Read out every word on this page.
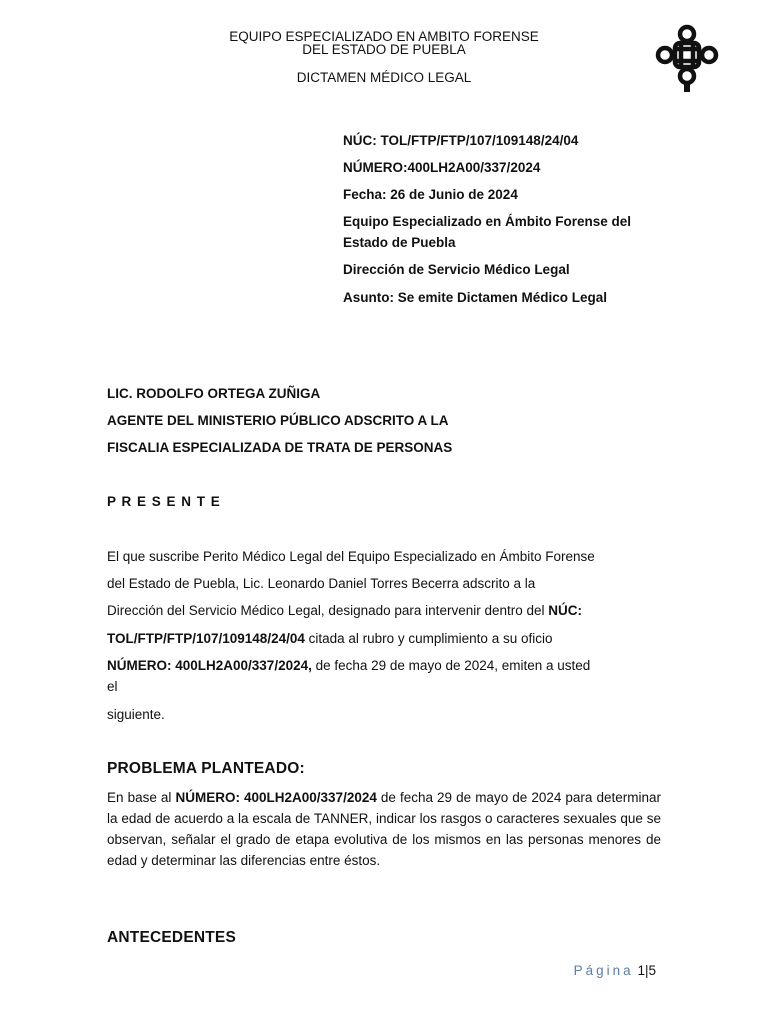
EQUIPO ESPECIALIZADO EN AMBITO FORENSE
DEL ESTADO DE PUEBLA
DICTAMEN MÉDICO LEGAL
NÚC: TOL/FTP/FTP/107/109148/24/04
NÚMERO:400LH2A00/337/2024
Fecha: 26 de Junio de 2024
Equipo Especializado en Ámbito Forense del
Estado de Puebla
Dirección de Servicio Médico Legal
Asunto: Se emite Dictamen Médico Legal
LIC. RODOLFO ORTEGA ZUÑIGA
AGENTE DEL MINISTERIO PÚBLICO ADSCRITO A LA
FISCALIA ESPECIALIZADA DE TRATA DE PERSONAS
P R E S E N T E
El que suscribe Perito Médico Legal del Equipo Especializado en Ámbito Forense
del Estado de Puebla, Lic. Leonardo Daniel Torres Becerra adscrito a la
Dirección del Servicio Médico Legal, designado para intervenir dentro del NÚC:
TOL/FTP/FTP/107/109148/24/04 citada al rubro y cumplimiento a su oficio
NÚMERO: 400LH2A00/337/2024, de fecha 29 de mayo de 2024, emiten a usted
el
siguiente.
PROBLEMA PLANTEADO:
En base al NÚMERO: 400LH2A00/337/2024 de fecha 29 de mayo de 2024 para determinar la edad de acuerdo a la escala de TANNER, indicar los rasgos o caracteres sexuales que se observan, señalar el grado de etapa evolutiva de los mismos en las personas menores de edad y determinar las diferencias entre éstos.
ANTECEDENTES
Página 1|5
